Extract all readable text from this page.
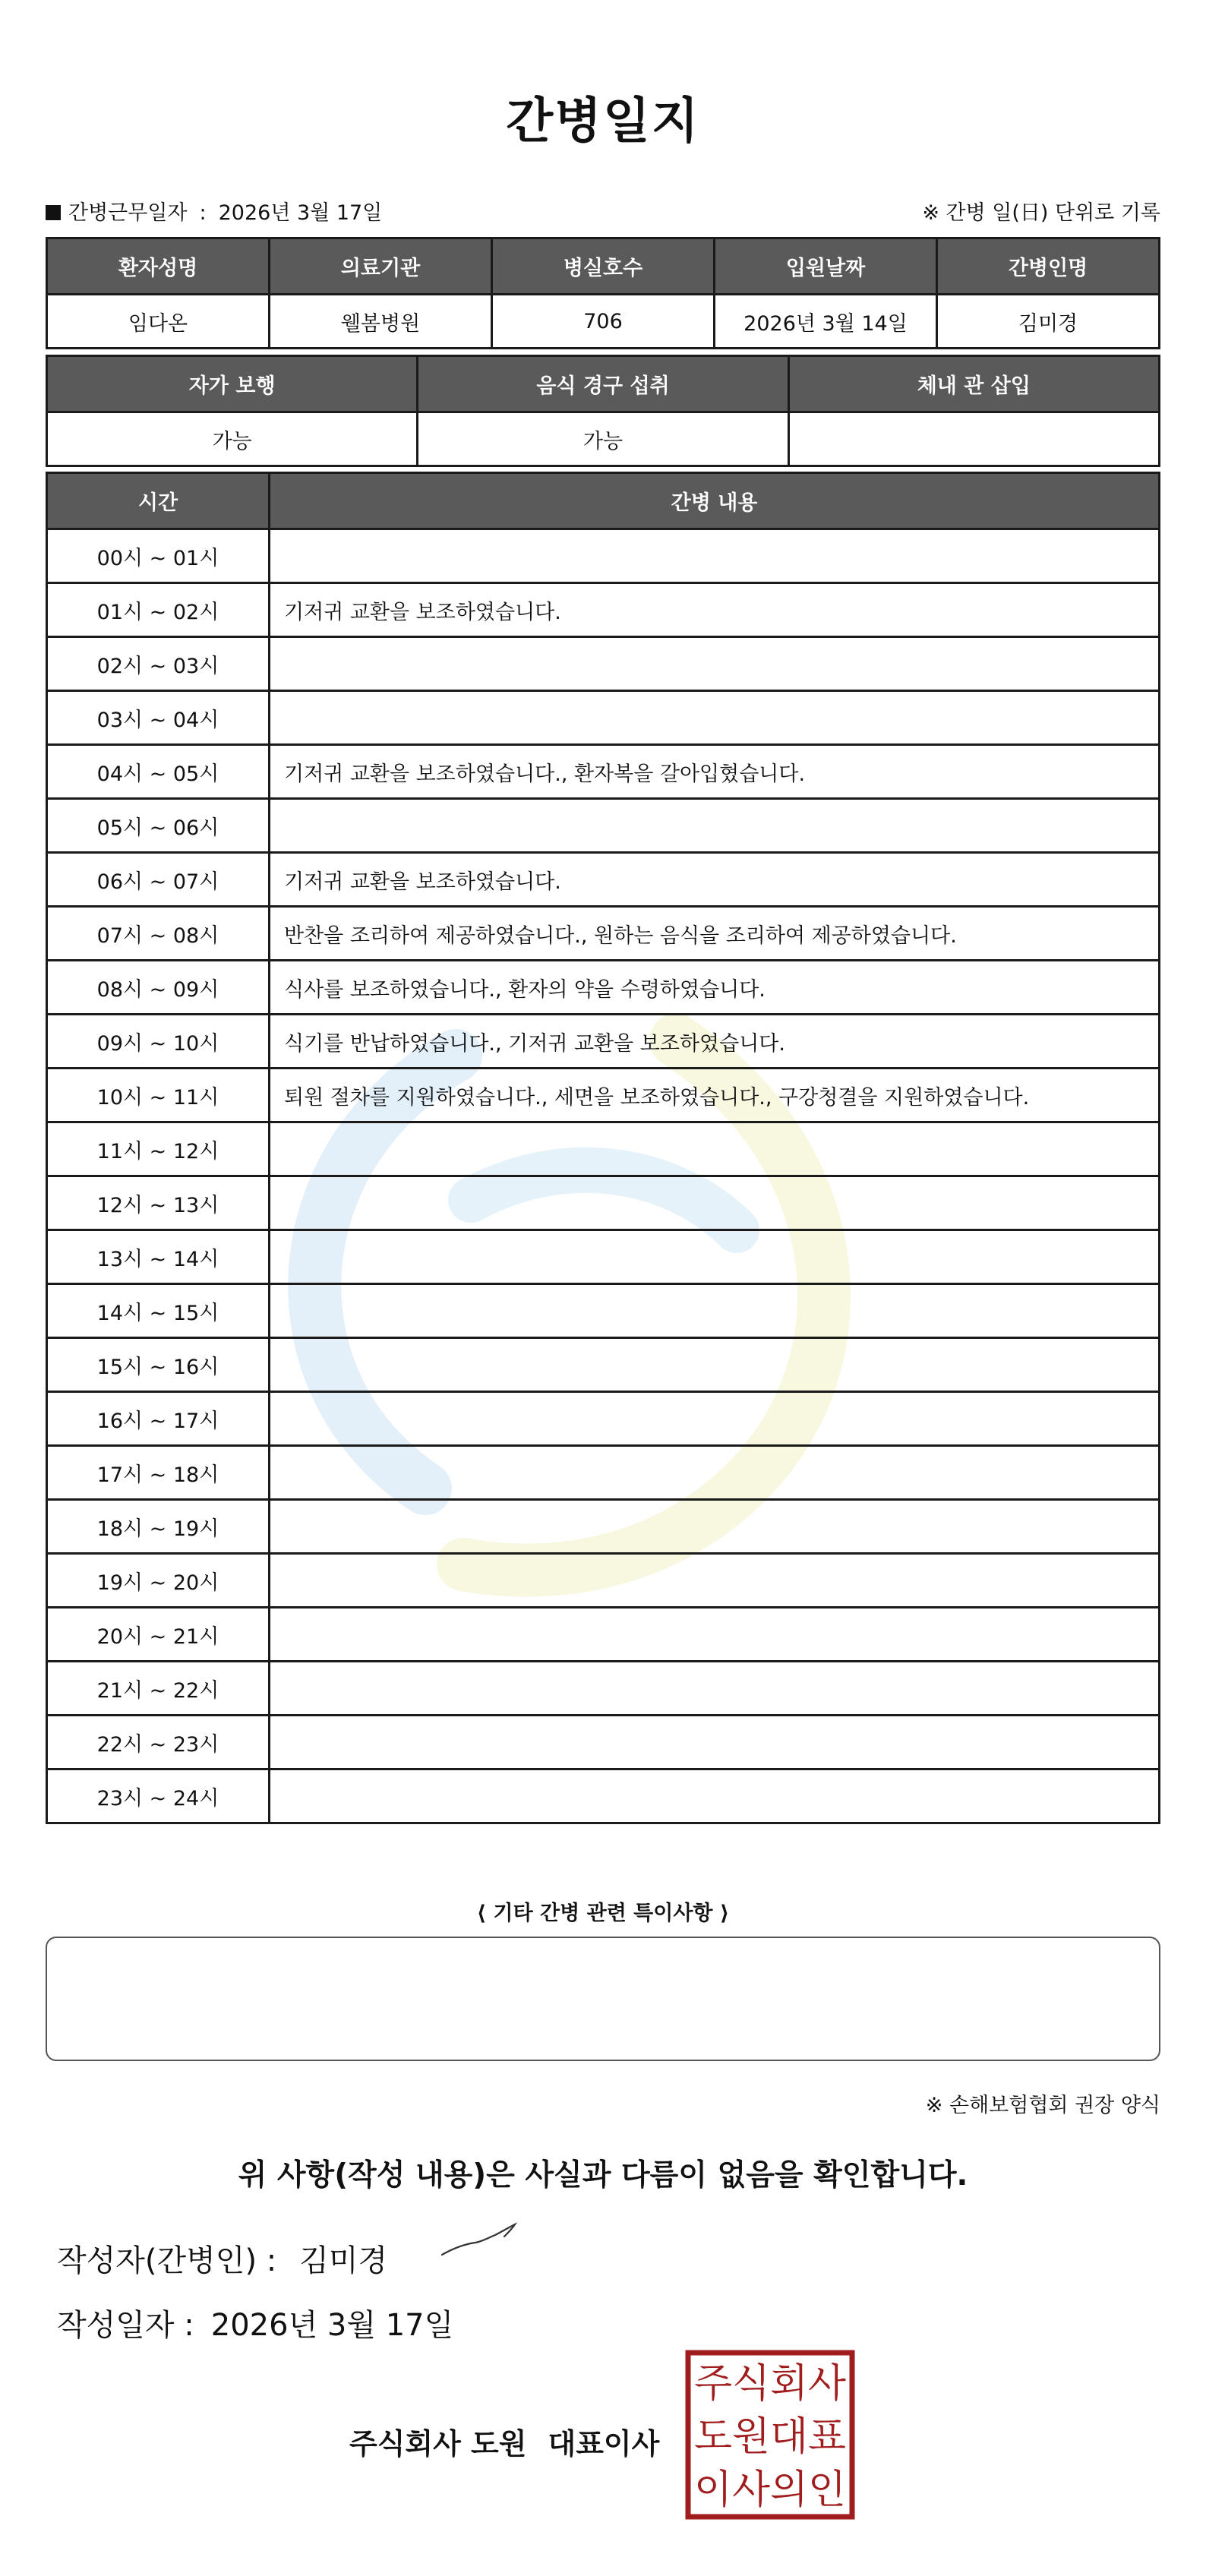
간병일지
간병근무일자 : 2026년 3월 17일	※ 간병 일(日) 단위로 기록
환자성명	의료기관	병실호수	입원날짜	간병인명
임다온	웰봄병원	706	2026년 3월 14일	김미경
자가 보행	음식 경구 섭취	체내 관 삽입
가능	가능	
시간	간병 내용
00시 ~ 01시	
01시 ~ 02시	기저귀 교환을 보조하였습니다.
02시 ~ 03시	
03시 ~ 04시	
04시 ~ 05시	기저귀 교환을 보조하였습니다., 환자복을 갈아입혔습니다.
05시 ~ 06시	
06시 ~ 07시	기저귀 교환을 보조하였습니다.
07시 ~ 08시	반찬을 조리하여 제공하였습니다., 원하는 음식을 조리하여 제공하였습니다.
08시 ~ 09시	식사를 보조하였습니다., 환자의 약을 수령하였습니다.
09시 ~ 10시	식기를 반납하였습니다., 기저귀 교환을 보조하였습니다.
10시 ~ 11시	퇴원 절차를 지원하였습니다., 세면을 보조하였습니다., 구강청결을 지원하였습니다.
11시 ~ 12시	
12시 ~ 13시	
13시 ~ 14시	
14시 ~ 15시	
15시 ~ 16시	
16시 ~ 17시	
17시 ~ 18시	
18시 ~ 19시	
19시 ~ 20시	
20시 ~ 21시	
21시 ~ 22시	
22시 ~ 23시	
23시 ~ 24시	
⟨ 기타 간병 관련 특이사항 ⟩
※ 손해보험협회 권장 양식
위 사항(작성 내용)은 사실과 다름이 없음을 확인합니다.
작성자(간병인) : 김미경
작성일자 : 2026년 3월 17일
주식회사 도원 대표이사
주식회사
도원대표
이사의인
